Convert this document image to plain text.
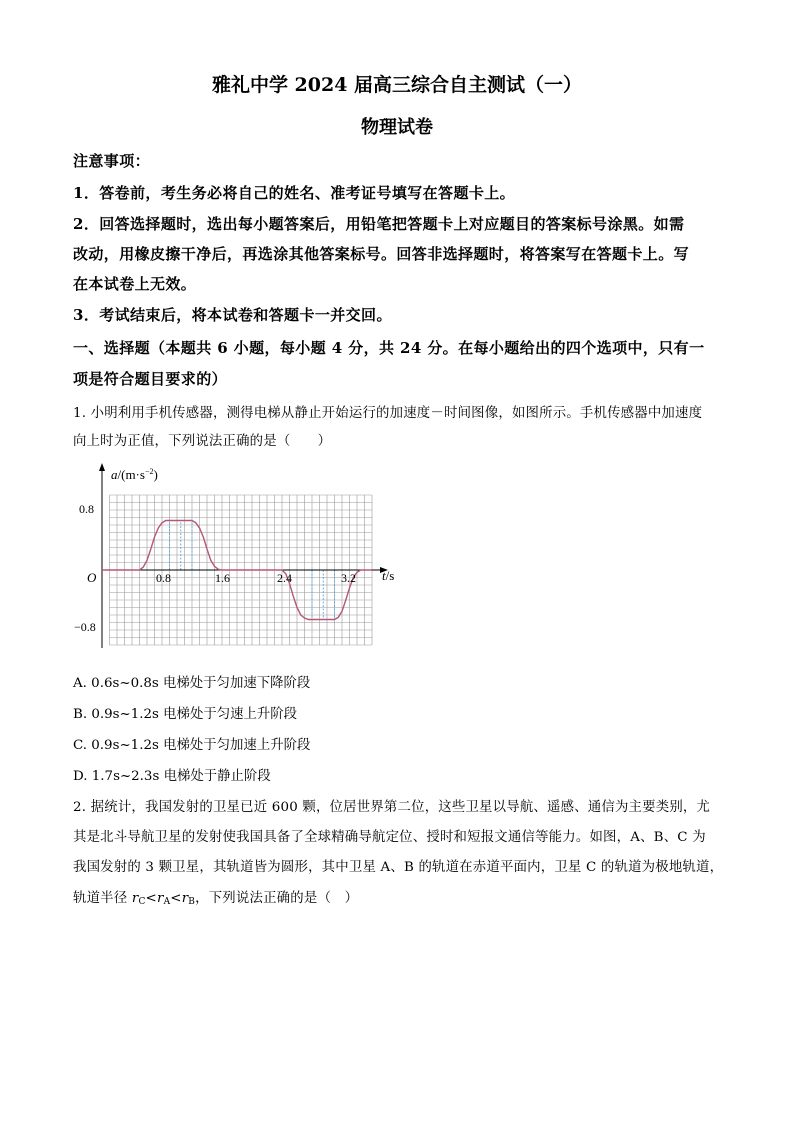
雅礼中学 2024 届高三综合自主测试（一）
物理试卷
注意事项：
1．答卷前，考生务必将自己的姓名、准考证号填写在答题卡上。
2．回答选择题时，选出每小题答案后，用铅笔把答题卡上对应题目的答案标号涂黑。如需
改动，用橡皮擦干净后，再选涂其他答案标号。回答非选择题时，将答案写在答题卡上。写
在本试卷上无效。
3．考试结束后，将本试卷和答题卡一并交回。
一、选择题（本题共 6 小题，每小题 4 分，共 24 分。在每小题给出的四个选项中，只有一
项是符合题目要求的）
1. 小明利用手机传感器，测得电梯从静止开始运行的加速度－时间图像，如图所示。手机传感器中加速度
向上时为正值，下列说法正确的是（　　）
$a/(m\cdot s^{-2})$
t/s
O
0.8
−0.8
0.8	1.6	2.4	3.2
A. 0.6s~0.8s 电梯处于匀加速下降阶段
B. 0.9s~1.2s 电梯处于匀速上升阶段
C. 0.9s~1.2s 电梯处于匀加速上升阶段
D. 1.7s~2.3s 电梯处于静止阶段
2. 据统计，我国发射的卫星已近 600 颗，位居世界第二位，这些卫星以导航、遥感、通信为主要类别，尤
其是北斗导航卫星的发射使我国具备了全球精确导航定位、授时和短报文通信等能力。如图，A、B、C 为
我国发射的 3 颗卫星，其轨道皆为圆形，其中卫星 A、B 的轨道在赤道平面内，卫星 C 的轨道为极地轨道，
轨道半径 $r_C<r_A<r_B$，下列说法正确的是（　）
